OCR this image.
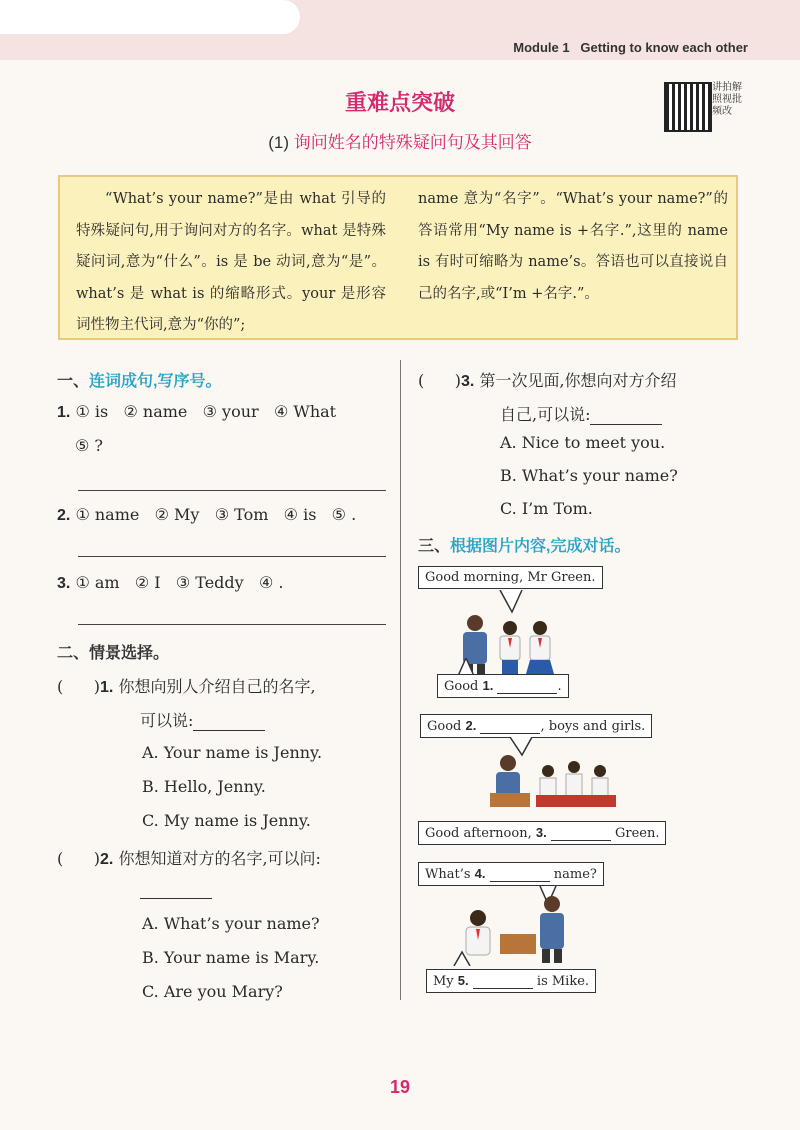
Module 1   Getting to know each other
重难点突破
(1) 询问姓名的特殊疑问句及其回答
讲拍解照视批频改
“What’s your name?”是由 what 引导的特殊疑问句,用于询问对方的名字。what 是特殊疑问词,意为“什么”。is 是 be 动词,意为“是”。what’s 是 what is 的缩略形式。your 是形容词性物主代词,意为“你的”;
name 意为“名字”。“What’s your name?”的答语常用“My name is +名字.”,这里的 name is 有时可缩略为 name’s。答语也可以直接说自己的名字,或“I’m +名字.”。
一、连词成句,写序号。
1. ① is   ② name   ③ your   ④ What
⑤ ?
2. ① name   ② My   ③ Tom   ④ is   ⑤ .
3. ① am   ② I   ③ Teddy   ④ .
二、情景选择。
(      )1. 你想向别人介绍自己的名字,
可以说:
A. Your name is Jenny.
B. Hello, Jenny.
C. My name is Jenny.
(      )2. 你想知道对方的名字,可以问:
A. What’s your name?
B. Your name is Mary.
C. Are you Mary?
(      )3. 第一次见面,你想向对方介绍
自己,可以说:
A. Nice to meet you.
B. What’s your name?
C. I’m Tom.
三、根据图片内容,完成对话。
Good morning, Mr Green.
Good 1.	.
Good 2.	, boys and girls.
Good afternoon, 3.	Green.
What’s 4.	name?
My 5.	is Mike.
19
